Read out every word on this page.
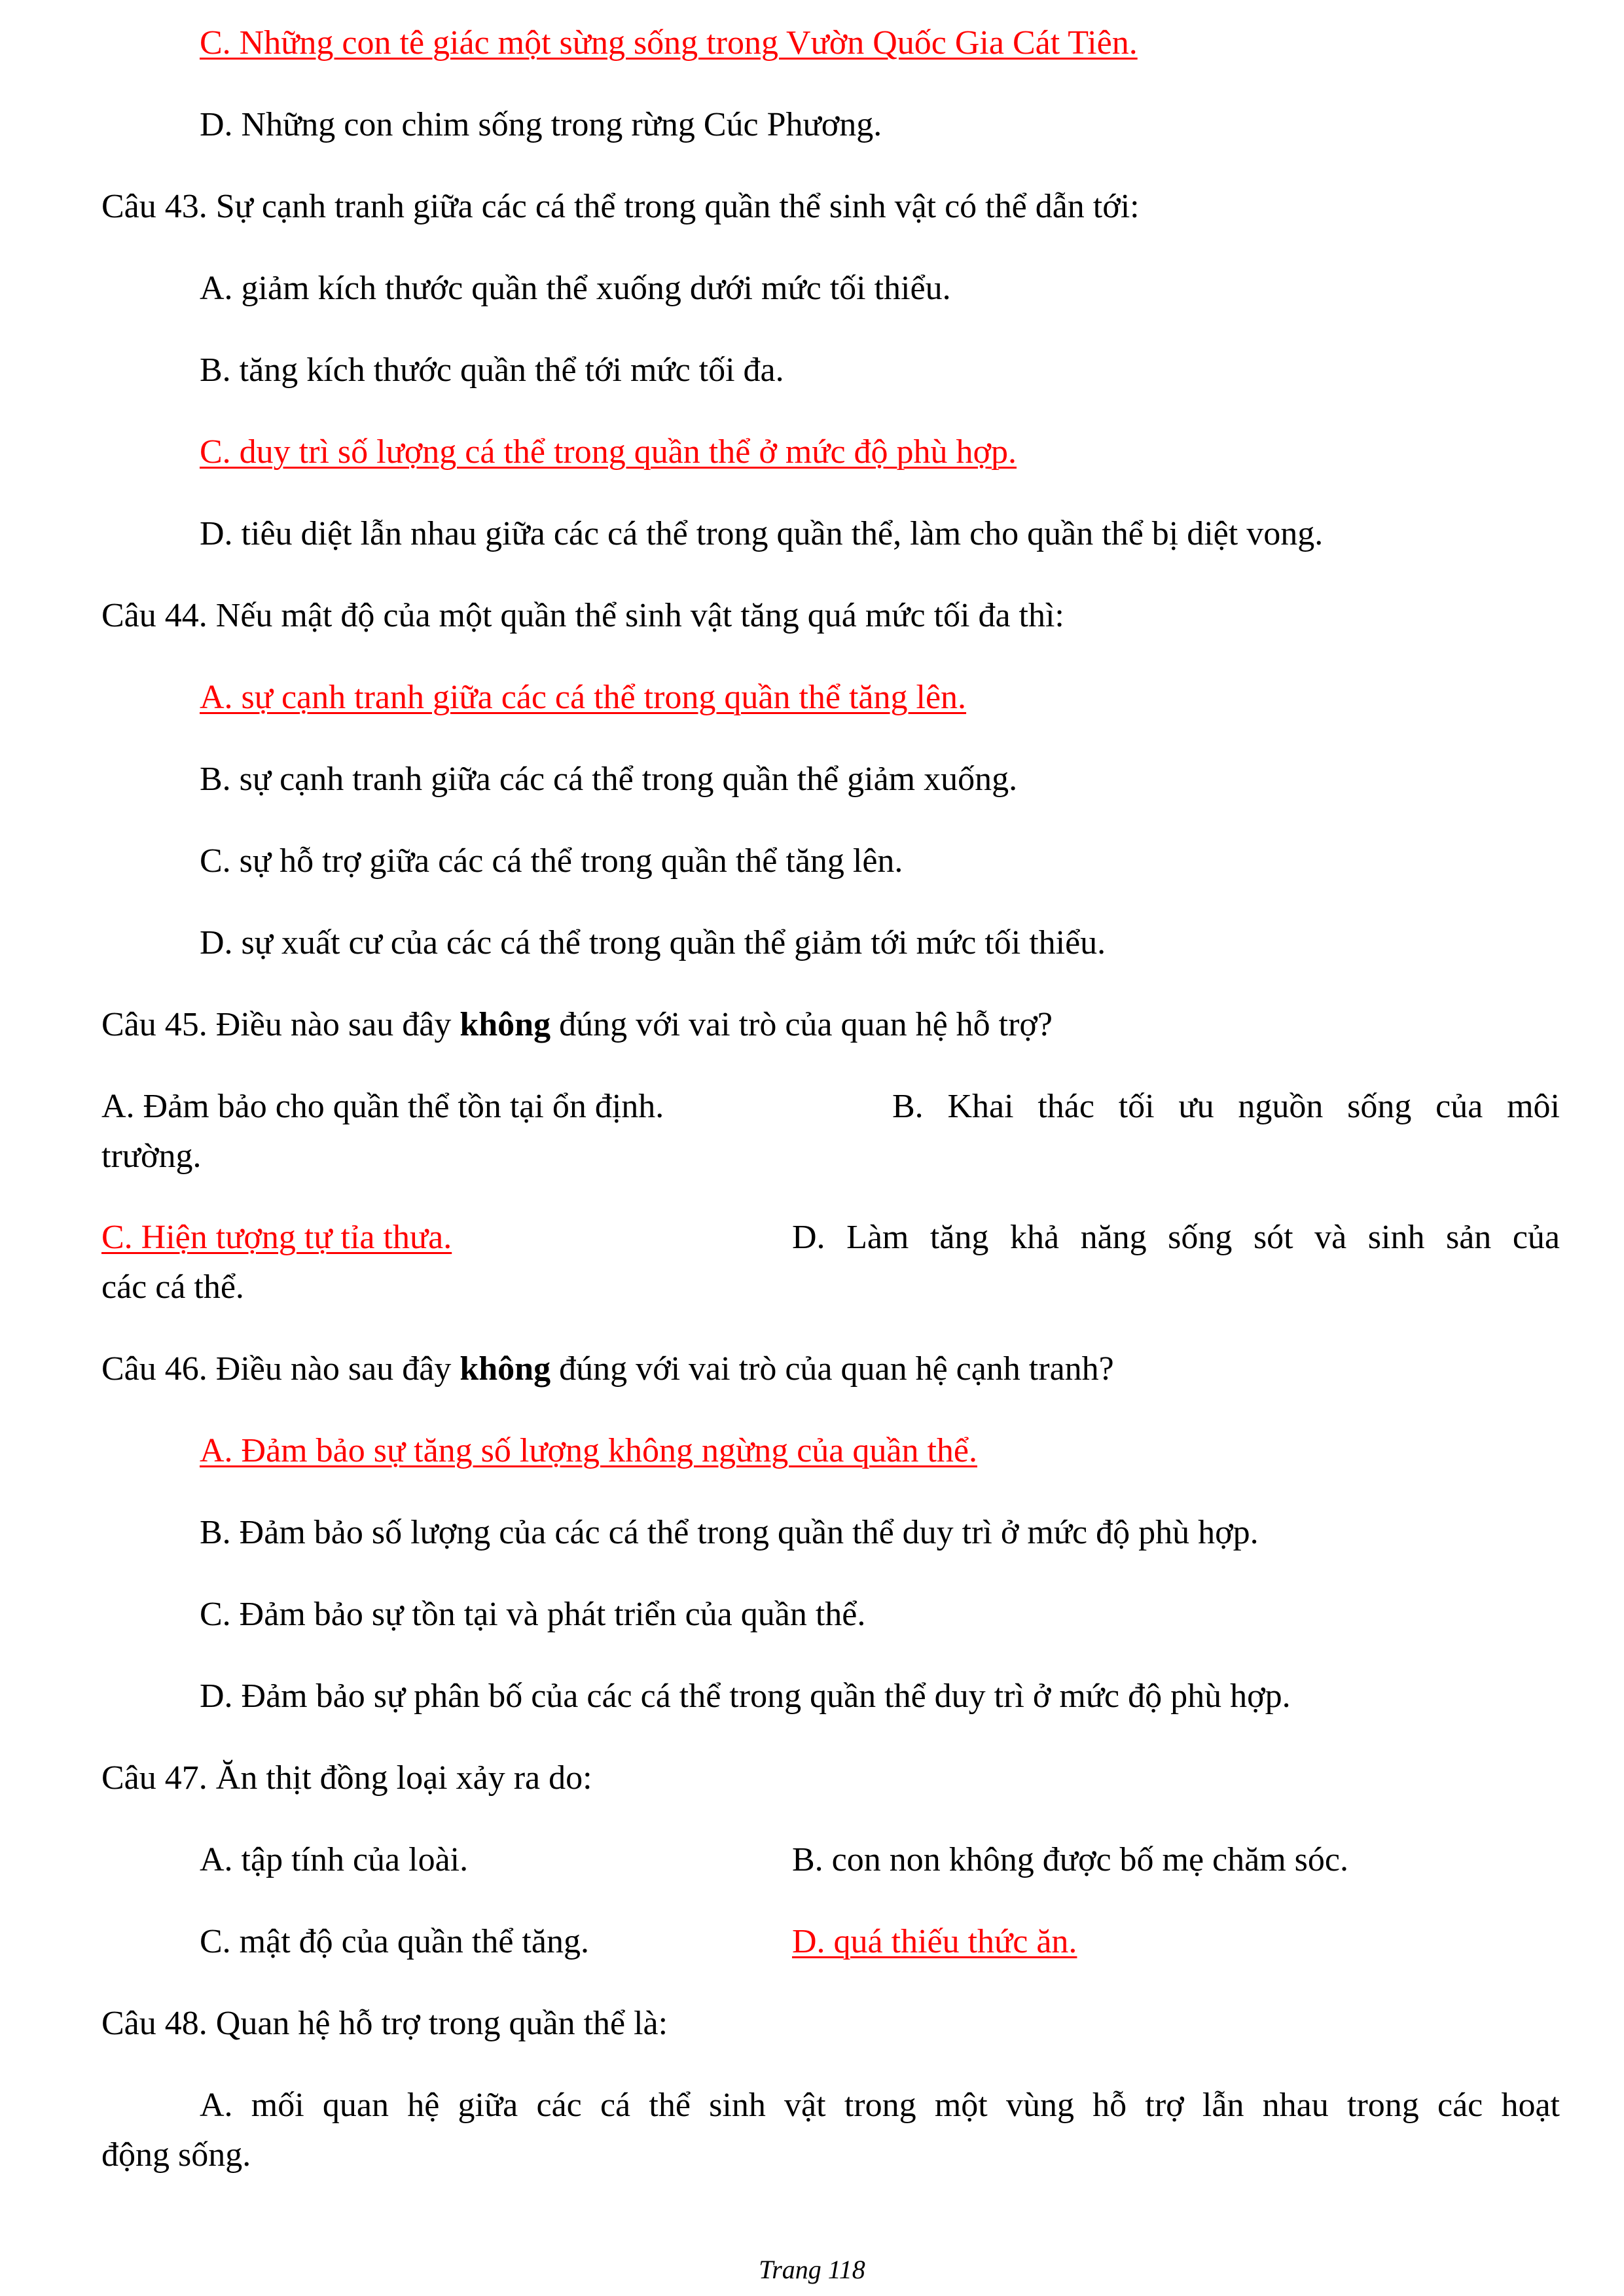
C. Những con tê giác một sừng sống trong Vườn Quốc Gia Cát Tiên.
D. Những con chim sống trong rừng Cúc Phương.
Câu 43. Sự cạnh tranh giữa các cá thể trong quần thể sinh vật có thể dẫn tới:
A. giảm kích thước quần thể xuống dưới mức tối thiểu.
B. tăng kích thước quần thể tới mức tối đa.
C. duy trì số lượng cá thể trong quần thể ở mức độ phù hợp.
D. tiêu diệt lẫn nhau giữa các cá thể trong quần thể, làm cho quần thể bị diệt vong.
Câu 44. Nếu mật độ của một quần thể sinh vật tăng quá mức tối đa thì:
A. sự cạnh tranh giữa các cá thể trong quần thể tăng lên.
B. sự cạnh tranh giữa các cá thể trong quần thể giảm xuống.
C. sự hỗ trợ giữa các cá thể trong quần thể tăng lên.
D. sự xuất cư của các cá thể trong quần thể giảm tới mức tối thiểu.
Câu 45. Điều nào sau đây không đúng với vai trò của quan hệ hỗ trợ?
A. Đảm bảo cho quần thể tồn tại ổn định.	B. Khai thác tối ưu nguồn sống của môi
trường.
C. Hiện tượng tự tỉa thưa.	D. Làm tăng khả năng sống sót và sinh sản của
các cá thể.
Câu 46. Điều nào sau đây không đúng với vai trò của quan hệ cạnh tranh?
A. Đảm bảo sự tăng số lượng không ngừng của quần thể.
B. Đảm bảo số lượng của các cá thể trong quần thể duy trì ở mức độ phù hợp.
C. Đảm bảo sự tồn tại và phát triển của quần thể.
D. Đảm bảo sự phân bố của các cá thể trong quần thể duy trì ở mức độ phù hợp.
Câu 47. Ăn thịt đồng loại xảy ra do:
A. tập tính của loài.	B. con non không được bố mẹ chăm sóc.
C. mật độ của quần thể tăng.	D. quá thiếu thức ăn.
Câu 48. Quan hệ hỗ trợ trong quần thể là:
A. mối quan hệ giữa các cá thể sinh vật trong một vùng hỗ trợ lẫn nhau trong các hoạt
động sống.
Trang 118
